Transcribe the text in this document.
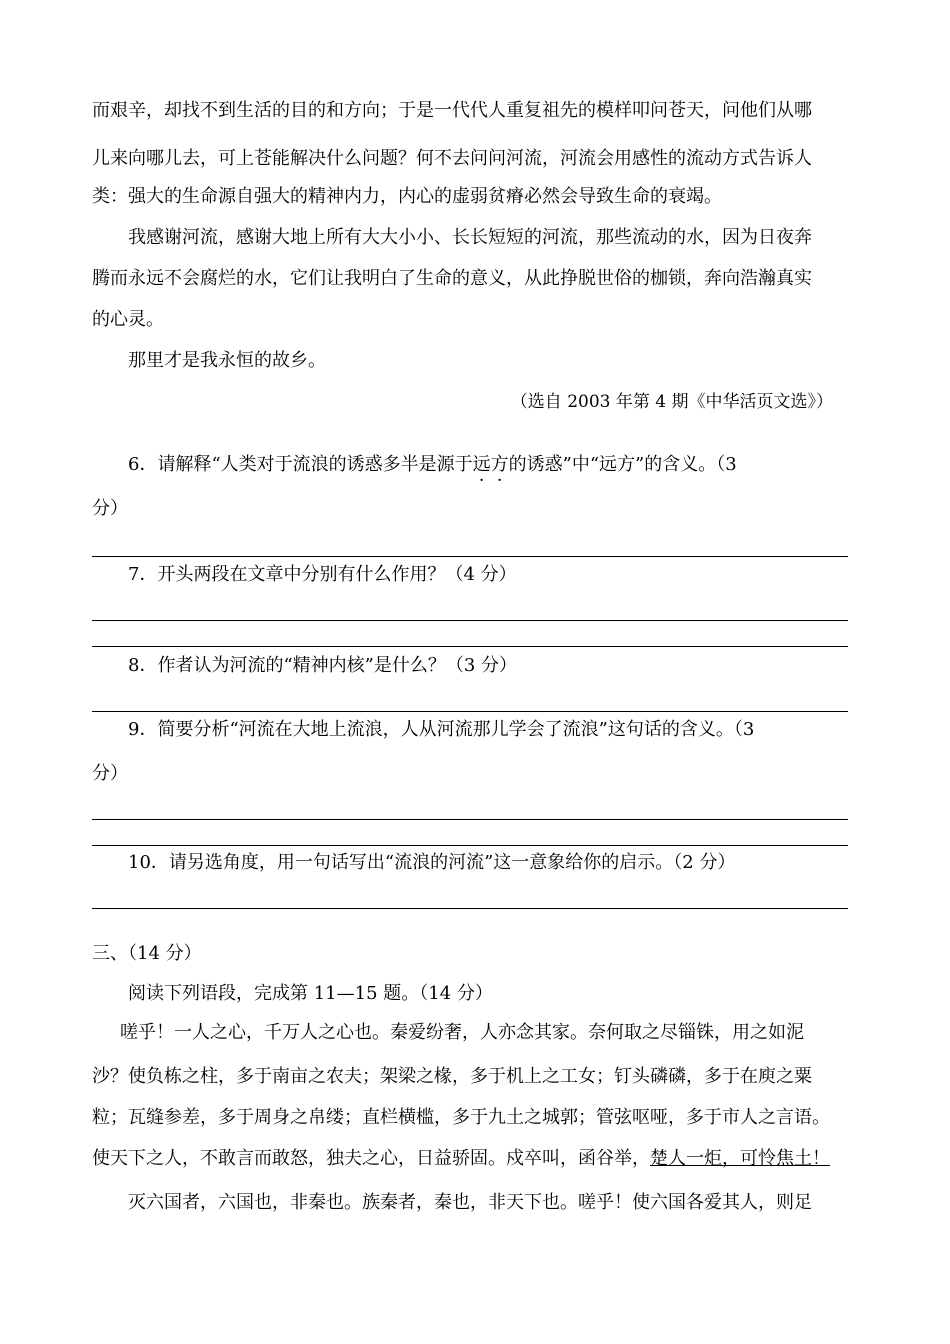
而艰辛，却找不到生活的目的和方向；于是一代代人重复祖先的模样叩问苍天，问他们从哪
儿来向哪儿去，可上苍能解决什么问题？何不去问问河流，河流会用感性的流动方式告诉人
类：强大的生命源自强大的精神内力，内心的虚弱贫瘠必然会导致生命的衰竭。
我感谢河流，感谢大地上所有大大小小、长长短短的河流，那些流动的水，因为日夜奔
腾而永远不会腐烂的水，它们让我明白了生命的意义，从此挣脱世俗的枷锁，奔向浩瀚真实
的心灵。
那里才是我永恒的故乡。
（选自 2003 年第 4 期《中华活页文选》）
6．请解释“人类对于流浪的诱惑多半是源于远方的诱惑”中“远方”的含义。（3
分）
7．开头两段在文章中分别有什么作用？（4 分）
8．作者认为河流的“精神内核”是什么？（3 分）
9．简要分析“河流在大地上流浪，人从河流那儿学会了流浪”这句话的含义。（3
分）
10．请另选角度，用一句话写出“流浪的河流”这一意象给你的启示。（2 分）
三、（14 分）
阅读下列语段，完成第 11—15 题。（14 分）
嗟乎！一人之心，千万人之心也。秦爱纷奢，人亦念其家。奈何取之尽锱铢，用之如泥
沙？使负栋之柱，多于南亩之农夫；架梁之椽，多于机上之工女；钉头磷磷，多于在庾之粟
粒；瓦缝参差，多于周身之帛缕；直栏横槛，多于九土之城郭；管弦呕哑，多于市人之言语。
使天下之人，不敢言而敢怒，独夫之心，日益骄固。戍卒叫，函谷举，楚人一炬，可怜焦土！
灭六国者，六国也，非秦也。族秦者，秦也，非天下也。嗟乎！使六国各爱其人，则足
